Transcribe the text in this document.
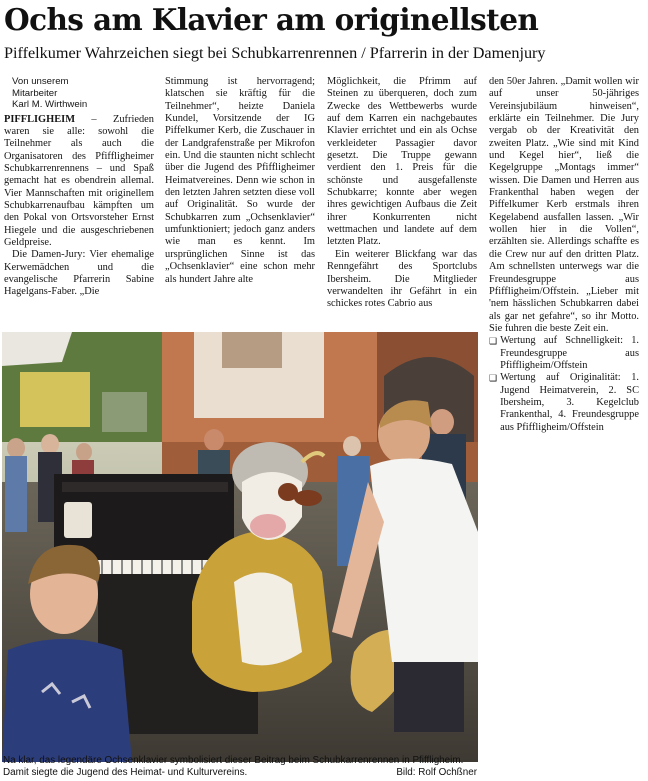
Ochs am Klavier am originellsten
Piffelkumer Wahrzeichen siegt bei Schubkarrenrennen / Pfarrerin in der Damenjury

Von unserem

Mitarbeiter

Karl M. Wirthwein

PIFFLIGHEIM – Zufrieden waren sie alle: sowohl die Teilnehmer als auch die Organisatoren des Pfiffligheimer Schubkarrenrennens – und Spaß gemacht hat es obendrein allemal. Vier Mannschaften mit originellem Schubkarrenaufbau kämpften um den Pokal von Ortsvorsteher Ernst Hiegele und die ausgeschriebenen Geldpreise.

Die Damen-Jury: Vier ehemalige Kerwemädchen und die evangelische Pfarrerin Sabine Hagelgans-Faber. „Die

Stimmung ist hervorragend; klatschen sie kräftig für die Teilnehmer“, heizte Daniela Kundel, Vorsitzende der IG Piffelkumer Kerb, die Zuschauer in der Landgrafenstraße per Mikrofon ein. Und die staunten nicht schlecht über die Jugend des Pfiffligheimer Heimatvereines. Denn wie schon in den letzten Jahren setzten diese voll auf Originalität. So wurde der Schubkarren zum „Ochsenklavier“ umfunktioniert; jedoch ganz anders wie man es kennt. Im ursprünglichen Sinne ist das „Ochsenklavier“ eine schon mehr als hundert Jahre alte

Möglichkeit, die Pfrimm auf Steinen zu überqueren, doch zum Zwecke des Wettbewerbs wurde auf dem Karren ein nachgebautes Klavier errichtet und ein als Ochse verkleideter Passagier davor gesetzt. Die Truppe gewann verdient den 1. Preis für die schönste und ausgefallenste Schubkarre; konnte aber wegen ihres gewichtigen Aufbaus die Zeit ihrer Konkurrenten nicht wettmachen und landete auf dem letzten Platz.

Ein weiterer Blickfang war das Renngefährt des Sportclubs Ibersheim. Die Mitglieder verwandelten ihr Gefährt in ein schickes rotes Cabrio aus

den 50er Jahren. „Damit wollen wir auf unser 50-jähriges Vereinsjubiläum hinweisen“, erklärte ein Teilnehmer. Die Jury vergab ob der Kreativität den zweiten Platz. „Wie sind mit Kind und Kegel hier“, ließ die Kegelgruppe „Montags immer“ wissen. Die Damen und Herren aus Frankenthal haben wegen der Piffelkumer Kerb erstmals ihren Kegelabend ausfallen lassen. „Wir wollen hier in die Vollen“, erzählten sie. Allerdings schaffte es die Crew nur auf den dritten Platz. Am schnellsten unterwegs war die Freundesgruppe aus Pfiffligheim/Offstein. „Lieber mit 'nem hässlichen Schubkarren dabei als gar net gefahre“, so ihr Motto. Sie fuhren die beste Zeit ein.

❑ Wertung auf Schnelligkeit: 1. Freundesgruppe aus Pfiffligheim/Offstein
❑ Wertung auf Originalität: 1. Jugend Heimatverein, 2. SC Ibersheim, 3. Kegelclub Frankenthal, 4. Freundesgruppe aus Pfiffligheim/Offstein
Na klar, das legendäre Ochsenklavier symbolisiert dieser Beitrag beim Schubkarrenrennen in Pfiffligheim. Damit siegte die Jugend des Heimat- und Kulturvereins.	Bild: Rolf Ochßner
